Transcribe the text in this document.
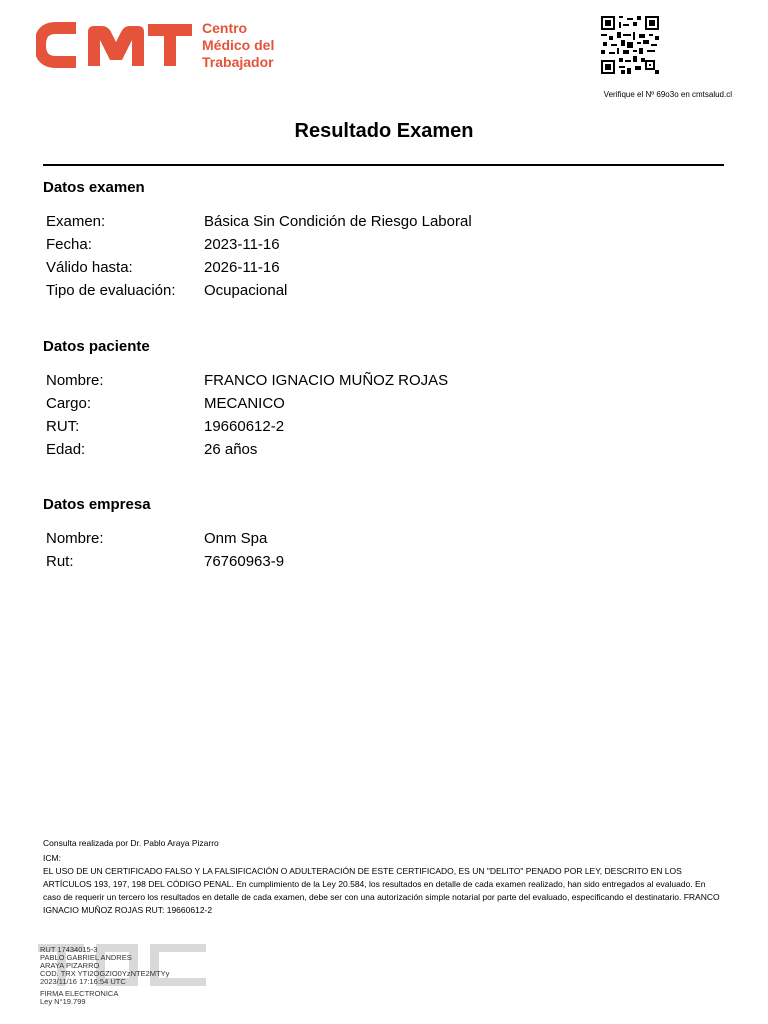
Centro
Médico del
Trabajador
Verifique el Nº 69o3o en cmtsalud.cl
Resultado Examen
Datos examen
Examen:	Básica Sin Condición de Riesgo Laboral
Fecha:	2023-11-16
Válido hasta:	2026-11-16
Tipo de evaluación:	Ocupacional
Datos paciente
Nombre:	FRANCO IGNACIO MUÑOZ ROJAS
Cargo:	MECANICO
RUT:	19660612-2
Edad:	26 años
Datos empresa
Nombre:	Onm Spa
Rut:	76760963-9
Consulta realizada por Dr. Pablo Araya Pizarro
ICM:
EL USO DE UN CERTIFICADO FALSO Y LA FALSIFICACIÓN O ADULTERACIÓN DE ESTE CERTIFICADO, ES UN "DELITO" PENADO POR LEY, DESCRITO EN LOS ARTÍCULOS 193, 197, 198 DEL CÓDIGO PENAL. En cumplimiento de la Ley 20.584, los resultados en detalle de cada examen realizado, han sido entregados al evaluado. En caso de requerir un tercero los resultados en detalle de cada examen, debe ser con una autorización simple notarial por parte del evaluado, especificando el destinatario. FRANCO IGNACIO MUÑOZ ROJAS RUT: 19660612-2
RUT 17434015-3
PABLO GABRIEL ANDRES
ARAYA PIZARRO
COD. TRX YTI2OGZIO0YzNTE2MTYy
2023/11/16 17:16:54 UTC
FIRMA ELECTRONICA
Ley N°19.799
